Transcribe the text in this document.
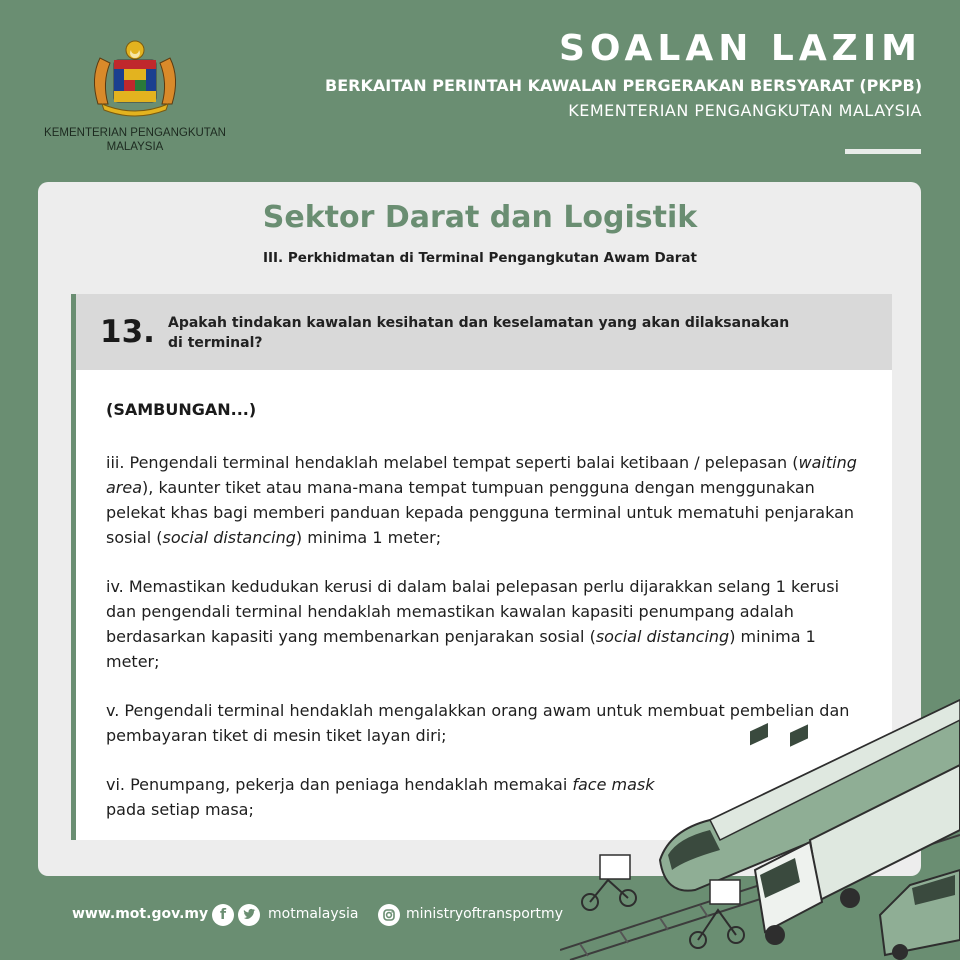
KEMENTERIAN PENGANGKUTAN
MALAYSIA
SOALAN LAZIM
BERKAITAN PERINTAH KAWALAN PERGERAKAN BERSYARAT (PKPB)
KEMENTERIAN PENGANGKUTAN MALAYSIA
Sektor Darat dan Logistik
III. Perkhidmatan di Terminal Pengangkutan Awam Darat
13. Apakah tindakan kawalan kesihatan dan keselamatan yang akan dilaksanakan
di terminal?
(SAMBUNGAN...)

iii. Pengendali terminal hendaklah melabel tempat seperti balai ketibaan / pelepasan (waiting area), kaunter tiket atau mana-mana tempat tumpuan pengguna dengan menggunakan pelekat khas bagi memberi panduan kepada pengguna terminal untuk mematuhi penjarakan sosial (social distancing) minima 1 meter;

iv. Memastikan kedudukan kerusi di dalam balai pelepasan perlu dijarakkan selang 1 kerusi dan pengendali terminal hendaklah memastikan kawalan kapasiti penumpang adalah berdasarkan kapasiti yang membenarkan penjarakan sosial (social distancing) minima 1 meter;

v. Pengendali terminal hendaklah mengalakkan orang awam untuk membuat pembelian dan pembayaran tiket di mesin tiket layan diri;

vi. Penumpang, pekerja dan peniaga hendaklah memakai face mask
pada setiap masa;

www.mot.gov.my f	motmalaysia	ministryoftransportmy
